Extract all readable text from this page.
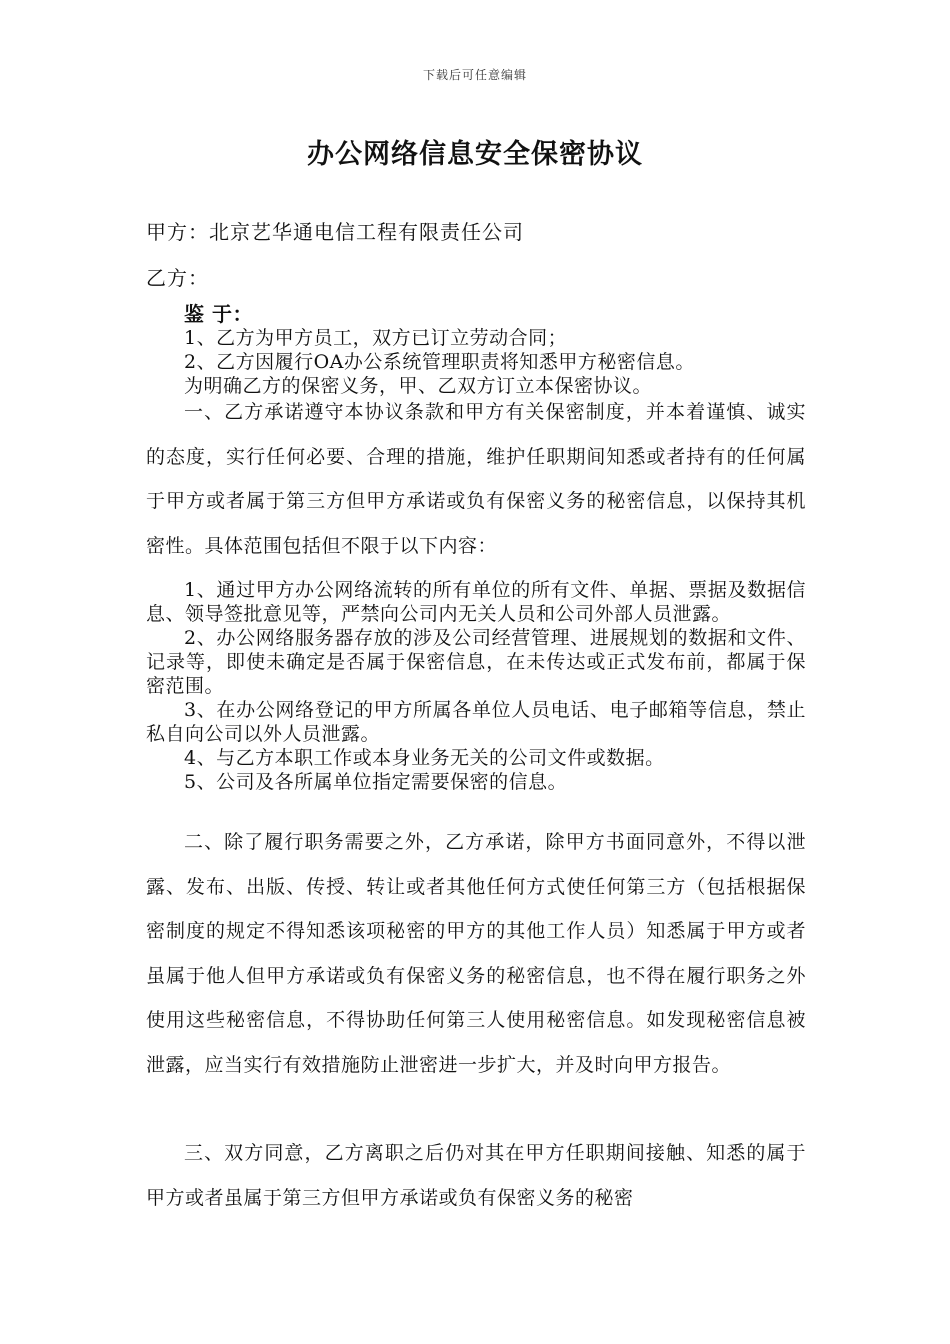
下载后可任意编辑
办公网络信息安全保密协议
甲方：北京艺华通电信工程有限责任公司
乙方：

鉴 于：

1、乙方为甲方员工，双方已订立劳动合同；

2、乙方因履行OA办公系统管理职责将知悉甲方秘密信息。

为明确乙方的保密义务，甲、乙双方订立本保密协议。

一、乙方承诺遵守本协议条款和甲方有关保密制度，并本着谨慎、诚实的态度，实行任何必要、合理的措施，维护任职期间知悉或者持有的任何属于甲方或者属于第三方但甲方承诺或负有保密义务的秘密信息，以保持其机密性。具体范围包括但不限于以下内容：

1、通过甲方办公网络流转的所有单位的所有文件、单据、票据及数据信息、领导签批意见等，严禁向公司内无关人员和公司外部人员泄露。

2、办公网络服务器存放的涉及公司经营管理、进展规划的数据和文件、记录等，即使未确定是否属于保密信息，在未传达或正式发布前，都属于保密范围。

3、在办公网络登记的甲方所属各单位人员电话、电子邮箱等信息，禁止私自向公司以外人员泄露。

4、与乙方本职工作或本身业务无关的公司文件或数据。

5、公司及各所属单位指定需要保密的信息。

二、除了履行职务需要之外，乙方承诺，除甲方书面同意外，不得以泄露、发布、出版、传授、转让或者其他任何方式使任何第三方（包括根据保密制度的规定不得知悉该项秘密的甲方的其他工作人员）知悉属于甲方或者虽属于他人但甲方承诺或负有保密义务的秘密信息，也不得在履行职务之外使用这些秘密信息，不得协助任何第三人使用秘密信息。如发现秘密信息被泄露，应当实行有效措施防止泄密进一步扩大，并及时向甲方报告。

三、双方同意，乙方离职之后仍对其在甲方任职期间接触、知悉的属于甲方或者虽属于第三方但甲方承诺或负有保密义务的秘密
